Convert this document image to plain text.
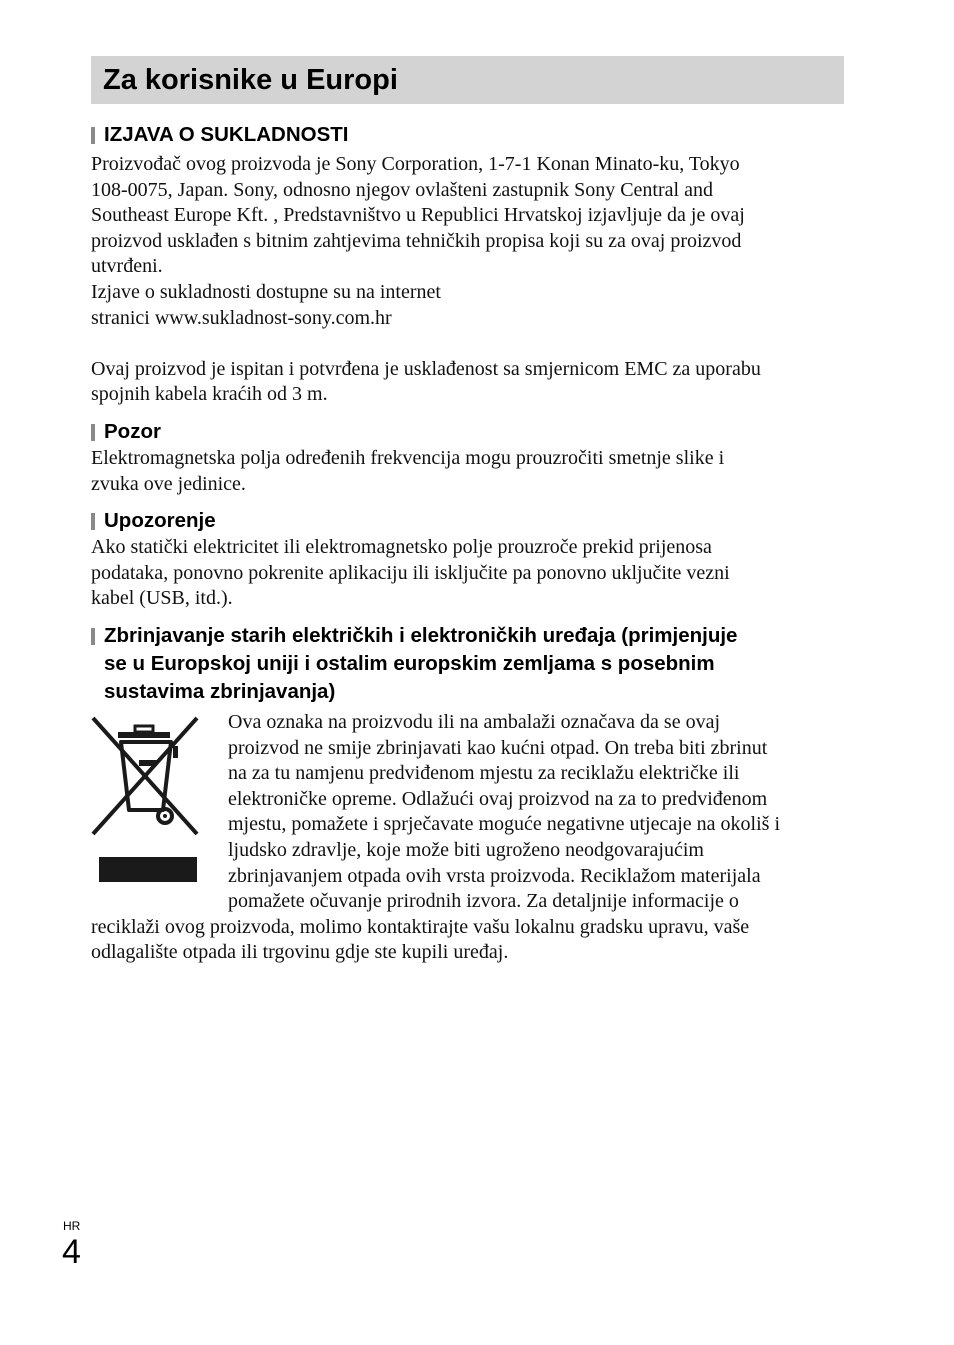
Za korisnike u Europi
IZJAVA O SUKLADNOSTI

Proizvođač ovog proizvoda je Sony Corporation, 1-7-1 Konan Minato-ku, Tokyo
108-0075, Japan. Sony, odnosno njegov ovlašteni zastupnik Sony Central and
Southeast Europe Kft. , Predstavništvo u Republici Hrvatskoj izjavljuje da je ovaj
proizvod usklađen s bitnim zahtjevima tehničkih propisa koji su za ovaj proizvod
utvrđeni.
Izjave o sukladnosti dostupne su na internet
stranici www.sukladnost-sony.com.hr

Ovaj proizvod je ispitan i potvrđena je usklađenost sa smjernicom EMC za uporabu
spojnih kabela kraćih od 3 m.

Pozor

Elektromagnetska polja određenih frekvencija mogu prouzročiti smetnje slike i
zvuka ove jedinice.

Upozorenje

Ako statički elektricitet ili elektromagnetsko polje prouzroče prekid prijenosa
podataka, ponovno pokrenite aplikaciju ili isključite pa ponovno uključite vezni
kabel (USB, itd.).

Zbrinjavanje starih električkih i elektroničkih uređaja (primjenjuje
se u Europskoj uniji i ostalim europskim zemljama s posebnim
sustavima zbrinjavanja)

Ova oznaka na proizvodu ili na ambalaži označava da se ovaj
proizvod ne smije zbrinjavati kao kućni otpad. On treba biti zbrinut
na za tu namjenu predviđenom mjestu za reciklažu električke ili
elektroničke opreme. Odlažući ovaj proizvod na za to predviđenom
mjestu, pomažete i sprječavate moguće negativne utjecaje na okoliš i
ljudsko zdravlje, koje može biti ugroženo neodgovarajućim
zbrinjavanjem otpada ovih vrsta proizvoda. Reciklažom materijala
pomažete očuvanje prirodnih izvora. Za detaljnije informacije o

reciklaži ovog proizvoda, molimo kontaktirajte vašu lokalnu gradsku upravu, vaše
odlagalište otpada ili trgovinu gdje ste kupili uređaj.

HR
4
